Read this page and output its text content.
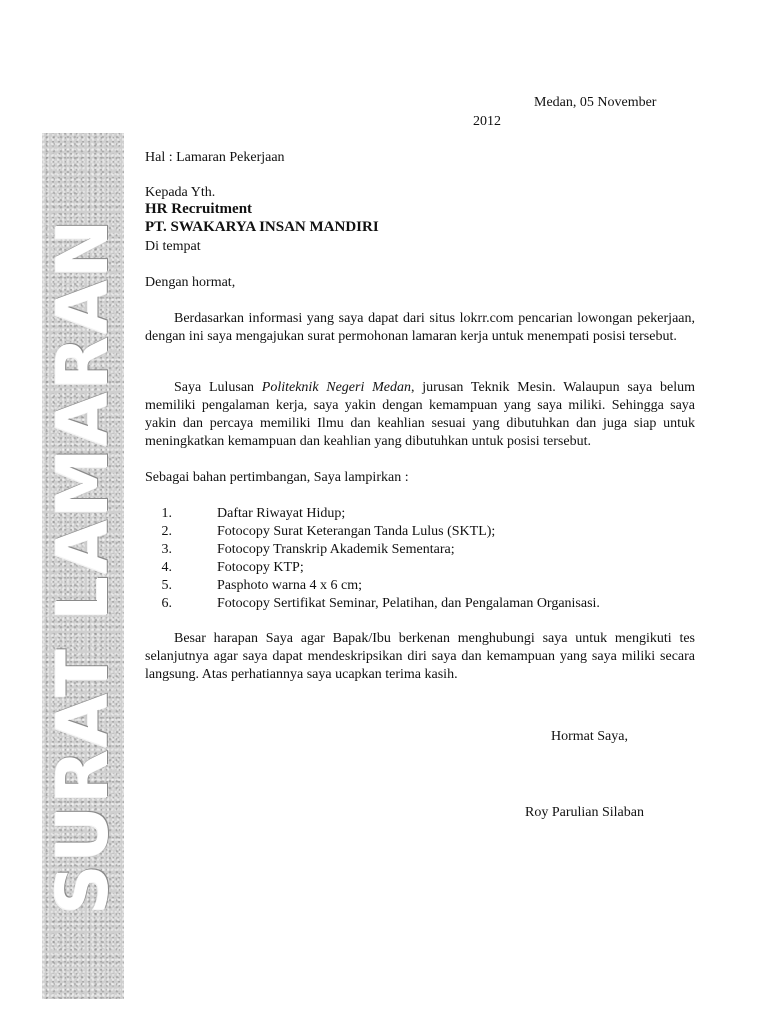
SURAT LAMARAN
Medan, 05 November
2012
Hal : Lamaran Pekerjaan
Kepada Yth.
HR Recruitment
PT. SWAKARYA INSAN MANDIRI
Di tempat
Dengan hormat,

Berdasarkan informasi yang saya dapat dari situs lokrr.com pencarian lowongan pekerjaan, dengan ini saya mengajukan surat permohonan lamaran kerja untuk menempati posisi tersebut.

Saya Lulusan Politeknik Negeri Medan, jurusan Teknik Mesin. Walaupun saya belum memiliki pengalaman kerja, saya yakin dengan kemampuan yang saya miliki. Sehingga saya yakin dan percaya memiliki Ilmu dan keahlian sesuai yang dibutuhkan dan juga siap untuk meningkatkan kemampuan dan keahlian yang dibutuhkan untuk posisi tersebut.

Sebagai bahan pertimbangan, Saya lampirkan :
1.	Daftar Riwayat Hidup;
2.	Fotocopy Surat Keterangan Tanda Lulus (SKTL);
3.	Fotocopy Transkrip Akademik Sementara;
4.	Fotocopy KTP;
5.	Pasphoto warna 4 x 6 cm;
6.	Fotocopy Sertifikat Seminar, Pelatihan, dan Pengalaman Organisasi.

Besar harapan Saya agar Bapak/Ibu berkenan menghubungi saya untuk mengikuti tes selanjutnya agar saya dapat mendeskripsikan diri saya dan kemampuan yang saya miliki secara langsung. Atas perhatiannya saya ucapkan terima kasih.

Hormat Saya,
Roy Parulian Silaban
